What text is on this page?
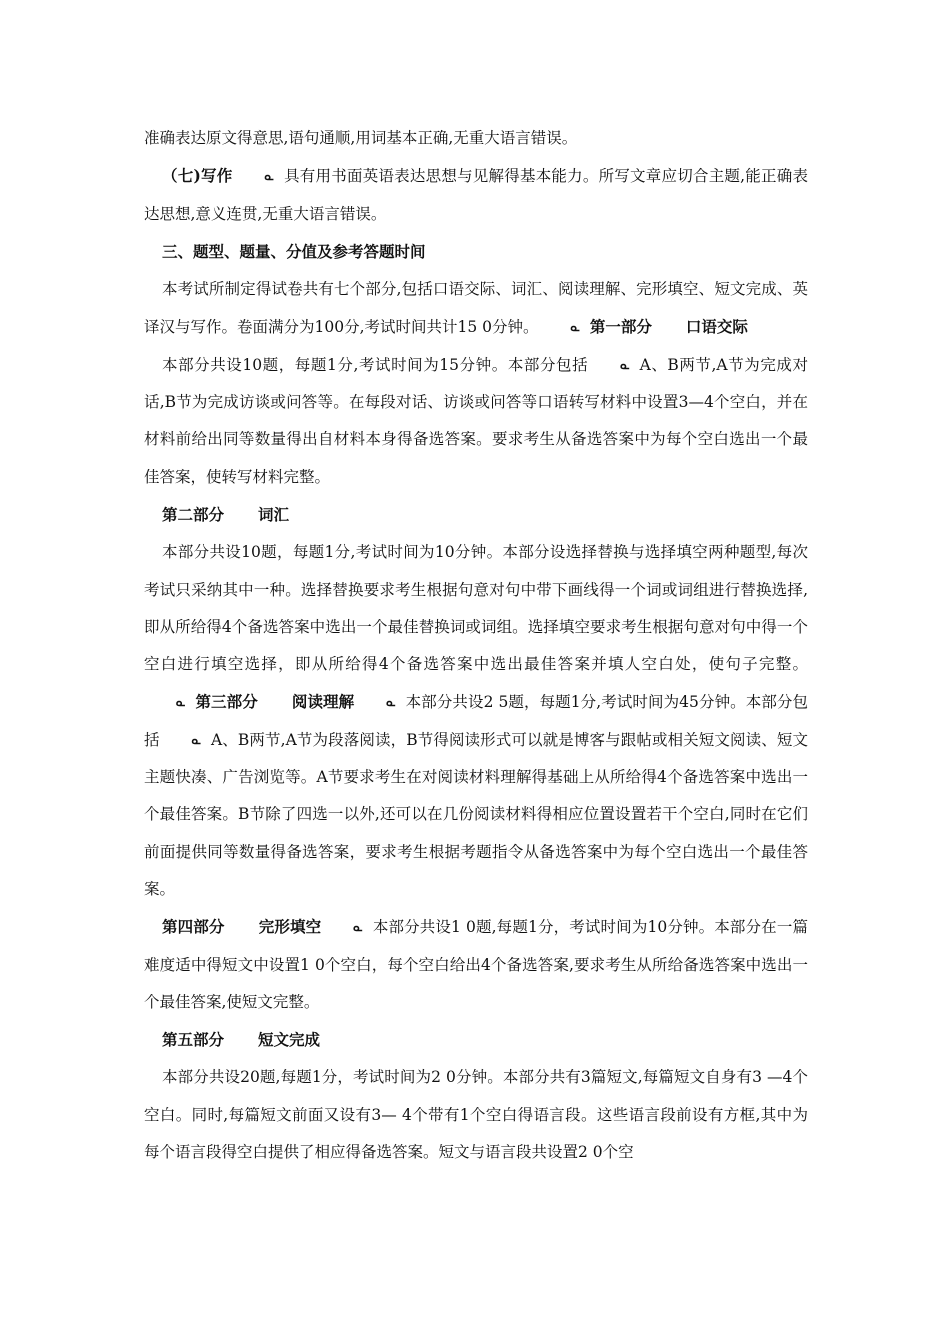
准确表达原文得意思,语句通顺,用词基本正确,无重大语言错误。

（七)写作	ᓇ 具有用书面英语表达思想与见解得基本能力。所写文章应切合主题,能正确表达思想,意义连贯,无重大语言错误。

三、题型、题量、分值及参考答题时间

本考试所制定得试卷共有七个部分,包括口语交际、词汇、阅读理解、完形填空、短文完成、英译汉与写作。卷面满分为100分,考试时间共计15 0分钟。	ᓇ 第一部分 口语交际

本部分共设10题，每题1分,考试时间为15分钟。本部分包括	ᓇ A、B两节,A节为完成对话,B节为完成访谈或问答等。在每段对话、访谈或问答等口语转写材料中设置3—4个空白，并在材料前给出同等数量得出自材料本身得备选答案。要求考生从备选答案中为每个空白选出一个最佳答案，使转写材料完整。

第二部分 词汇

本部分共设10题，每题1分,考试时间为10分钟。本部分设选择替换与选择填空两种题型,每次考试只采纳其中一种。选择替换要求考生根据句意对句中带下画线得一个词或词组进行替换选择,即从所给得4个备选答案中选出一个最佳替换词或词组。选择填空要求考生根据句意对句中得一个空白进行填空选择，即从所给得4个备选答案中选出最佳答案并填人空白处，使句子完整。ᓇ 第三部分 阅读理解	ᓇ 本部分共设2 5题，每题1分,考试时间为45分钟。本部分包括	ᓇ A、B两节,A节为段落阅读，B节得阅读形式可以就是博客与跟帖或相关短文阅读、短文主题快凑、广告浏览等。A节要求考生在对阅读材料理解得基础上从所给得4个备选答案中选出一个最佳答案。B节除了四选一以外,还可以在几份阅读材料得相应位置设置若干个空白,同时在它们前面提供同等数量得备选答案，要求考生根据考题指令从备选答案中为每个空白选出一个最佳答案。

第四部分 完形填空	ᓇ 本部分共设1 0题,每题1分，考试时间为10分钟。本部分在一篇难度适中得短文中设置1 0个空白，每个空白给出4个备选答案,要求考生从所给备选答案中选出一个最佳答案,使短文完整。

第五部分 短文完成

本部分共设20题,每题1分，考试时间为2 0分钟。本部分共有3篇短文,每篇短文自身有3 —4个空白。同时,每篇短文前面又设有3— 4个带有1个空白得语言段。这些语言段前设有方框,其中为每个语言段得空白提供了相应得备选答案。短文与语言段共设置2 0个空
